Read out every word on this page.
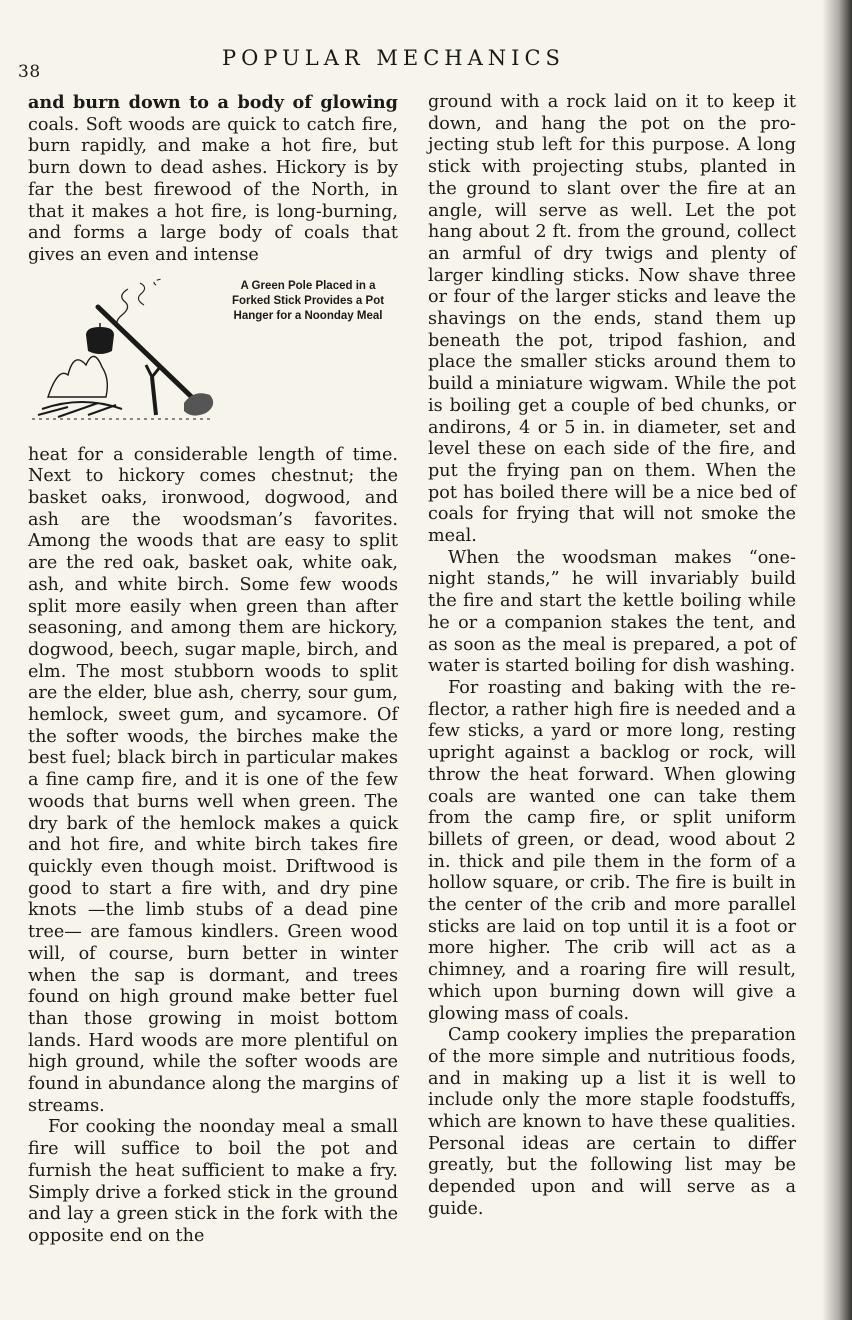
38
POPULAR MECHANICS

and burn down to a body of glowing coals. Soft woods are quick to catch fire, burn rapidly, and make a hot fire, but burn down to dead ashes. Hickory is by far the best firewood of the North, in that it makes a hot fire, is long-burning, and forms a large body of coals that gives an even and intense

A Green Pole Placed in a Forked Stick Provides a Pot Hanger for a Noonday Meal

heat for a considerable length of time. Next to hickory comes chestnut; the basket oaks, ironwood, dogwood, and ash are the woodsman’s favorites. Among the woods that are easy to split are the red oak, basket oak, white oak, ash, and white birch. Some few woods split more easily when green than after seasoning, and among them are hickory, dogwood, beech, sugar maple, birch, and elm. The most stubborn woods to split are the elder, blue ash, cherry, sour gum, hemlock, sweet gum, and sycamore. Of the softer woods, the birches make the best fuel; black birch in particular makes a fine camp fire, and it is one of the few woods that burns well when green. The dry bark of the hemlock makes a quick and hot fire, and white birch takes fire quickly even though moist. Driftwood is good to start a fire with, and dry pine knots —the limb stubs of a dead pine tree— are famous kindlers. Green wood will, of course, burn better in winter when the sap is dormant, and trees found on high ground make better fuel than those growing in moist bottom lands. Hard woods are more plentiful on high ground, while the softer woods are found in abundance along the margins of streams.

For cooking the noonday meal a small fire will suffice to boil the pot and furnish the heat sufficient to make a fry. Simply drive a forked stick in the ground and lay a green stick in the fork with the opposite end on the

ground with a rock laid on it to keep it down, and hang the pot on the projecting stub left for this purpose. A long stick with projecting stubs, planted in the ground to slant over the fire at an angle, will serve as well. Let the pot hang about 2 ft. from the ground, collect an armful of dry twigs and plenty of larger kindling sticks. Now shave three or four of the larger sticks and leave the shavings on the ends, stand them up beneath the pot, tripod fashion, and place the smaller sticks around them to build a miniature wigwam. While the pot is boiling get a couple of bed chunks, or andirons, 4 or 5 in. in diameter, set and level these on each side of the fire, and put the frying pan on them. When the pot has boiled there will be a nice bed of coals for frying that will not smoke the meal.

When the woodsman makes “one-night stands,” he will invariably build the fire and start the kettle boiling while he or a companion stakes the tent, and as soon as the meal is prepared, a pot of water is started boiling for dish washing.

For roasting and baking with the reflector, a rather high fire is needed and a few sticks, a yard or more long, resting upright against a backlog or rock, will throw the heat forward. When glowing coals are wanted one can take them from the camp fire, or split uniform billets of green, or dead, wood about 2 in. thick and pile them in the form of a hollow square, or crib. The fire is built in the center of the crib and more parallel sticks are laid on top until it is a foot or more higher. The crib will act as a chimney, and a roaring fire will result, which upon burning down will give a glowing mass of coals.

Camp cookery implies the preparation of the more simple and nutritious foods, and in making up a list it is well to include only the more staple foodstuffs, which are known to have these qualities. Personal ideas are certain to differ greatly, but the following list may be depended upon and will serve as a guide.
